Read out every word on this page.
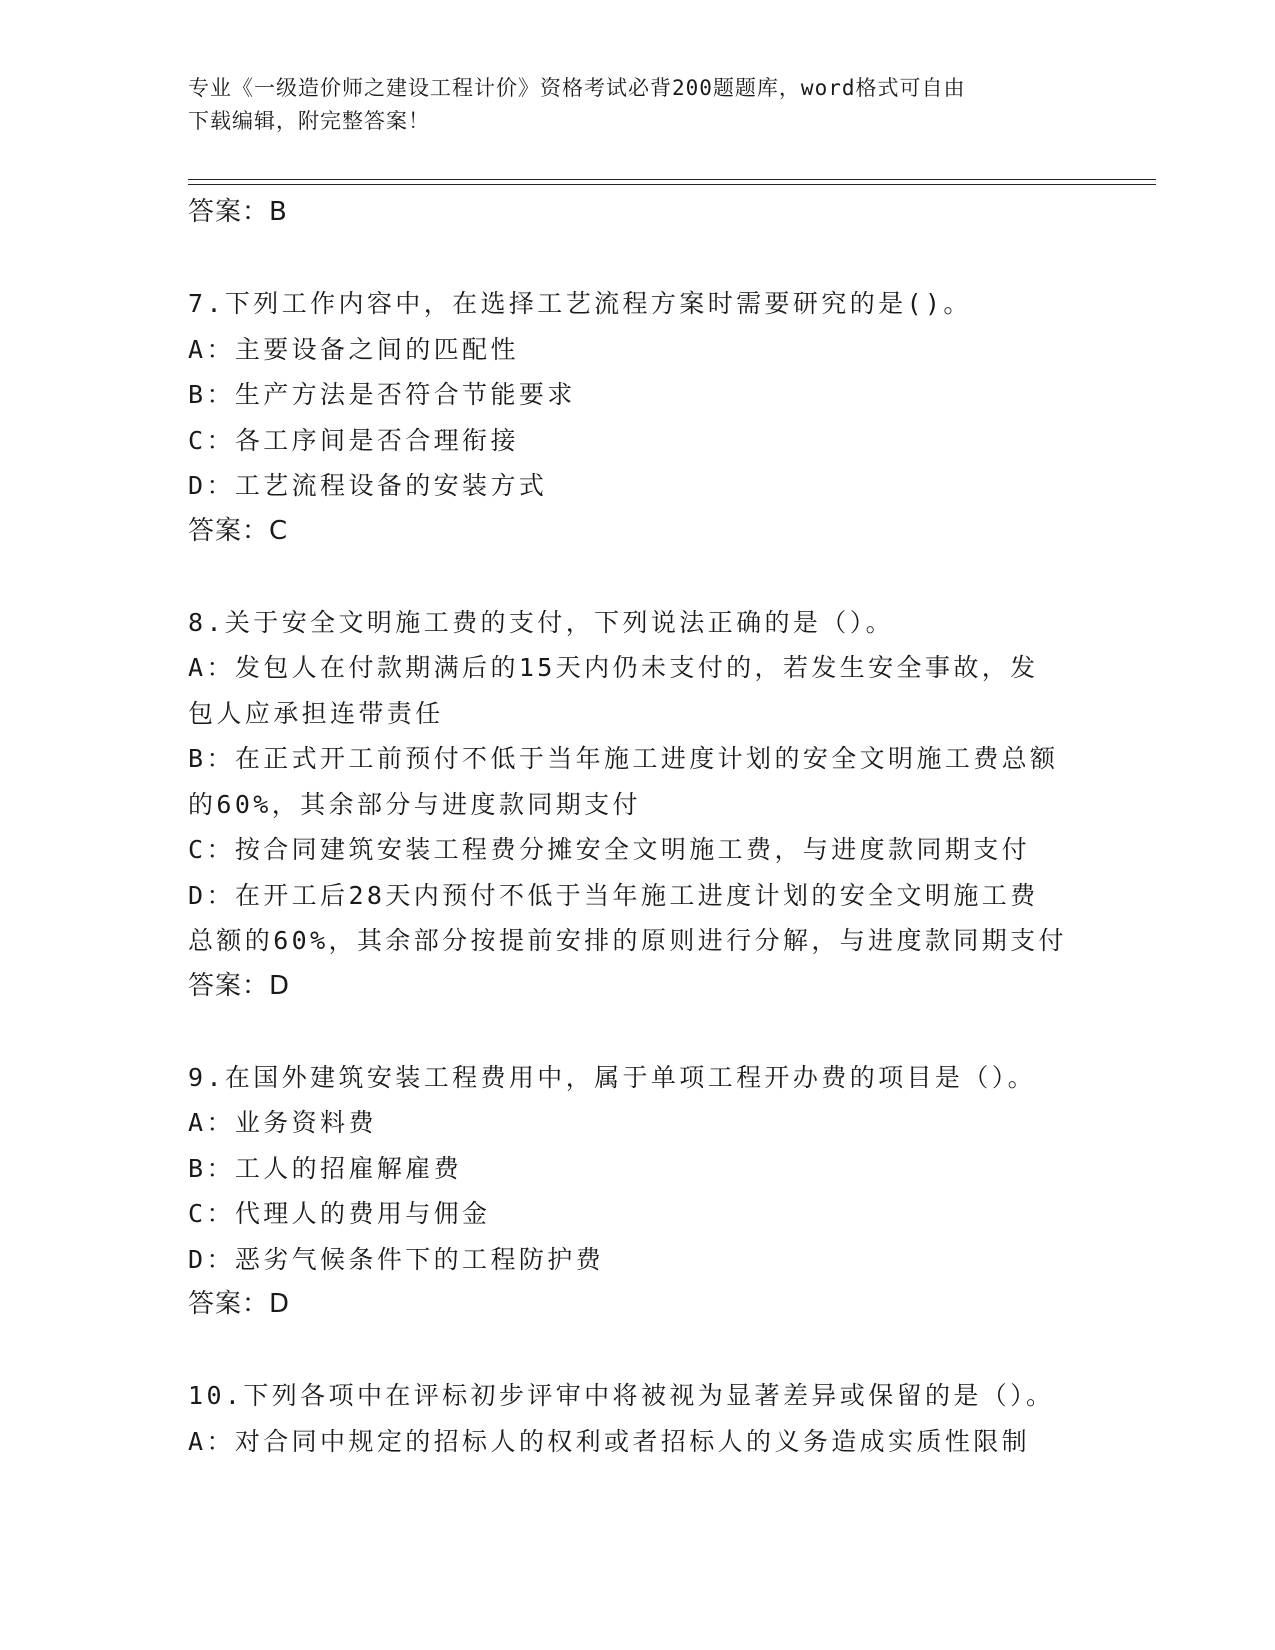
专业《一级造价师之建设工程计价》资格考试必背200题题库，word格式可自由
下载编辑，附完整答案！
答案：B
7.下列工作内容中，在选择工艺流程方案时需要研究的是()。
A：主要设备之间的匹配性
B：生产方法是否符合节能要求
C：各工序间是否合理衔接
D：工艺流程设备的安装方式
答案：C
8.关于安全文明施工费的支付，下列说法正确的是（）。
A：发包人在付款期满后的15天内仍未支付的，若发生安全事故，发
包人应承担连带责任
B：在正式开工前预付不低于当年施工进度计划的安全文明施工费总额
的60%，其余部分与进度款同期支付
C：按合同建筑安装工程费分摊安全文明施工费，与进度款同期支付
D：在开工后28天内预付不低于当年施工进度计划的安全文明施工费
总额的60%，其余部分按提前安排的原则进行分解，与进度款同期支付
答案：D
9.在国外建筑安装工程费用中，属于单项工程开办费的项目是（）。
A：业务资料费
B：工人的招雇解雇费
C：代理人的费用与佣金
D：恶劣气候条件下的工程防护费
答案：D
10.下列各项中在评标初步评审中将被视为显著差异或保留的是（）。
A：对合同中规定的招标人的权利或者招标人的义务造成实质性限制
